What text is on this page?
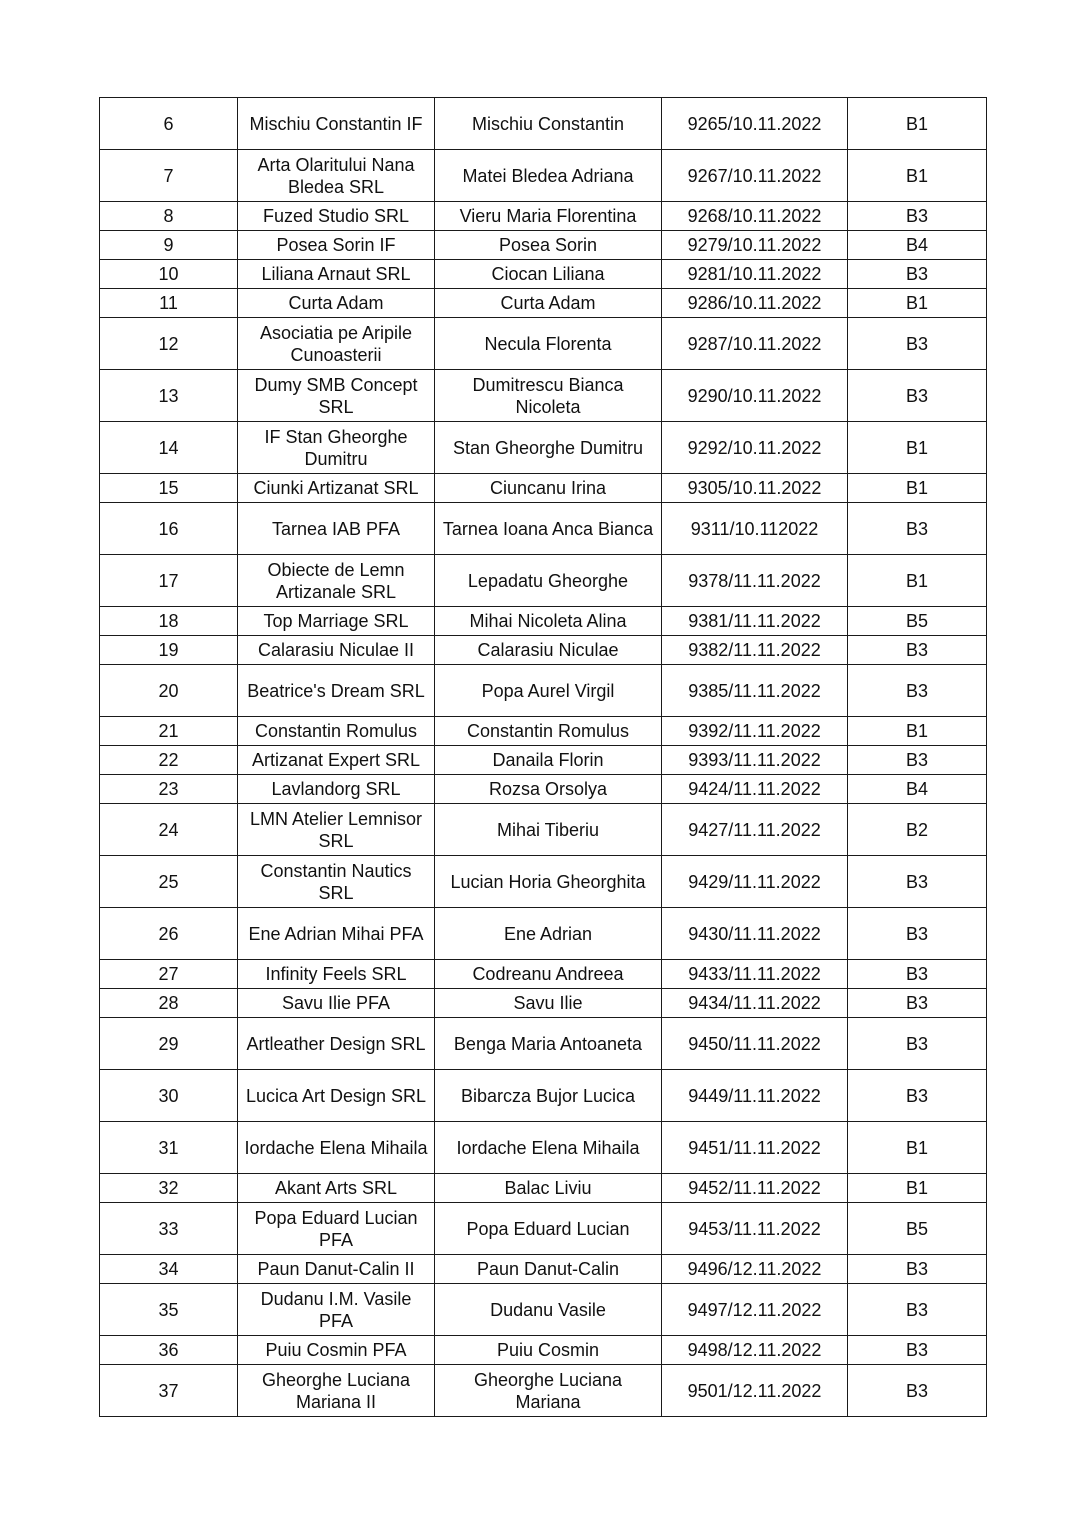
6	Mischiu Constantin IF	Mischiu Constantin	9265/10.11.2022	B1
7	Arta Olaritului Nana Bledea SRL	Matei Bledea Adriana	9267/10.11.2022	B1
8	Fuzed Studio SRL	Vieru Maria Florentina	9268/10.11.2022	B3
9	Posea Sorin IF	Posea Sorin	9279/10.11.2022	B4
10	Liliana Arnaut SRL	Ciocan Liliana	9281/10.11.2022	B3
11	Curta Adam	Curta Adam	9286/10.11.2022	B1
12	Asociatia pe Aripile Cunoasterii	Necula Florenta	9287/10.11.2022	B3
13	Dumy SMB Concept SRL	Dumitrescu Bianca Nicoleta	9290/10.11.2022	B3
14	IF Stan Gheorghe Dumitru	Stan Gheorghe Dumitru	9292/10.11.2022	B1
15	Ciunki Artizanat SRL	Ciuncanu Irina	9305/10.11.2022	B1
16	Tarnea IAB PFA	Tarnea Ioana Anca Bianca	9311/10.112022	B3
17	Obiecte de Lemn Artizanale SRL	Lepadatu Gheorghe	9378/11.11.2022	B1
18	Top Marriage SRL	Mihai Nicoleta Alina	9381/11.11.2022	B5
19	Calarasiu Niculae II	Calarasiu Niculae	9382/11.11.2022	B3
20	Beatrice's Dream SRL	Popa Aurel Virgil	9385/11.11.2022	B3
21	Constantin Romulus	Constantin Romulus	9392/11.11.2022	B1
22	Artizanat Expert SRL	Danaila Florin	9393/11.11.2022	B3
23	Lavlandorg SRL	Rozsa Orsolya	9424/11.11.2022	B4
24	LMN Atelier Lemnisor SRL	Mihai Tiberiu	9427/11.11.2022	B2
25	Constantin Nautics SRL	Lucian Horia Gheorghita	9429/11.11.2022	B3
26	Ene Adrian Mihai PFA	Ene Adrian	9430/11.11.2022	B3
27	Infinity Feels SRL	Codreanu Andreea	9433/11.11.2022	B3
28	Savu Ilie PFA	Savu Ilie	9434/11.11.2022	B3
29	Artleather Design SRL	Benga Maria Antoaneta	9450/11.11.2022	B3
30	Lucica Art Design SRL	Bibarcza Bujor Lucica	9449/11.11.2022	B3
31	Iordache Elena Mihaila	Iordache Elena Mihaila	9451/11.11.2022	B1
32	Akant Arts SRL	Balac Liviu	9452/11.11.2022	B1
33	Popa Eduard Lucian PFA	Popa Eduard Lucian	9453/11.11.2022	B5
34	Paun Danut-Calin II	Paun Danut-Calin	9496/12.11.2022	B3
35	Dudanu I.M. Vasile PFA	Dudanu Vasile	9497/12.11.2022	B3
36	Puiu Cosmin PFA	Puiu Cosmin	9498/12.11.2022	B3
37	Gheorghe Luciana Mariana II	Gheorghe Luciana Mariana	9501/12.11.2022	B3
